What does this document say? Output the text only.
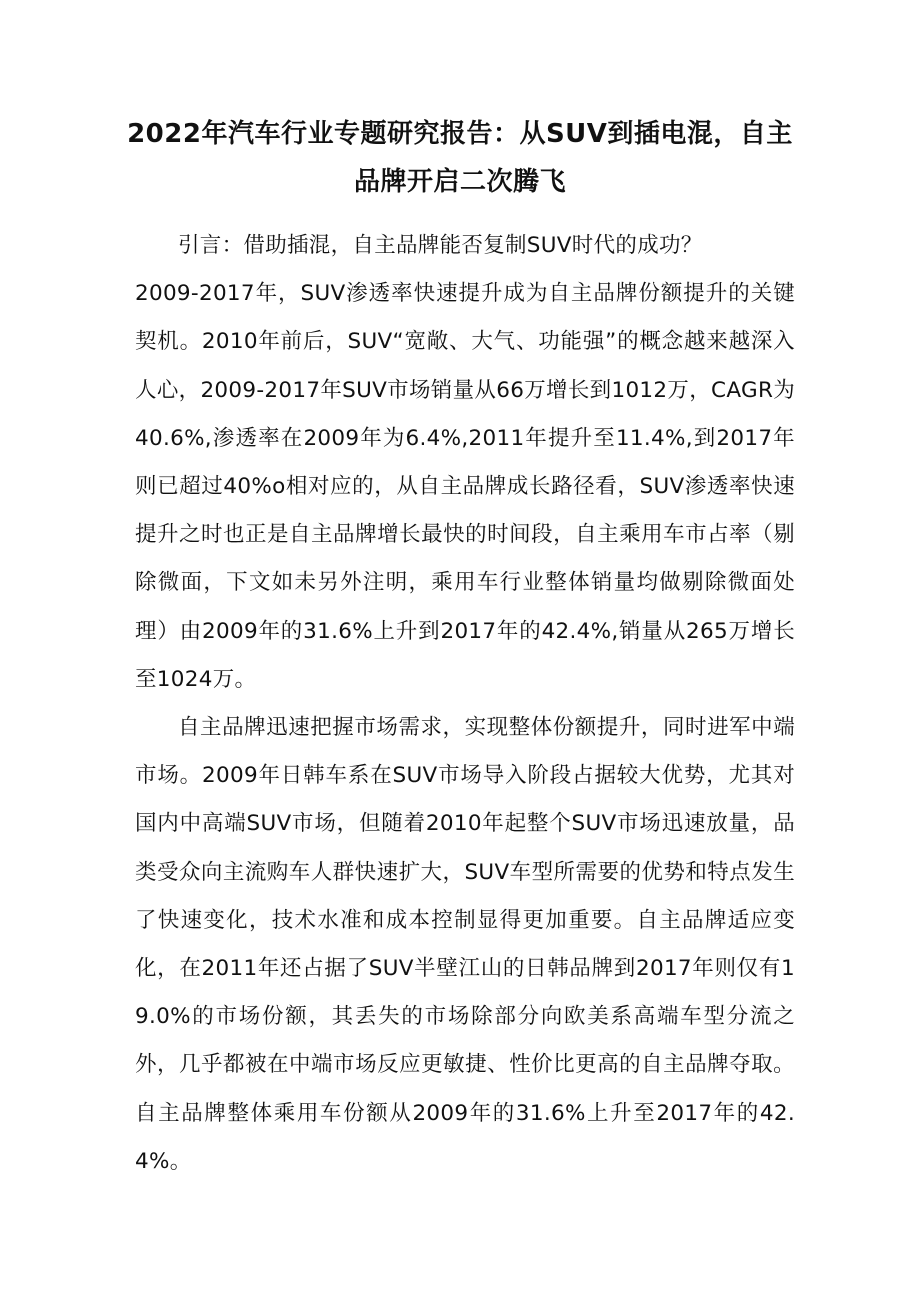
2022年汽车行业专题研究报告：从SUV到插电混，自主品牌开启二次腾飞

引言：借助插混，自主品牌能否复制SUV时代的成功？

2009-2017年，SUV渗透率快速提升成为自主品牌份额提升的关键契机。2010年前后，SUV“宽敞、大气、功能强”的概念越来越深入人心，2009-2017年SUV市场销量从66万增长到1012万，CAGR为40.6%,渗透率在2009年为6.4%,2011年提升至11.4%,到2017年则已超过40%o相对应的，从自主品牌成长路径看，SUV渗透率快速提升之时也正是自主品牌增长最快的时间段，自主乘用车市占率（剔除微面，下文如未另外注明，乘用车行业整体销量均做剔除微面处理）由2009年的31.6%上升到2017年的42.4%,销量从265万增长至1024万。

自主品牌迅速把握市场需求，实现整体份额提升，同时进军中端市场。2009年日韩车系在SUV市场导入阶段占据较大优势，尤其对国内中高端SUV市场，但随着2010年起整个SUV市场迅速放量，品类受众向主流购车人群快速扩大，SUV车型所需要的优势和特点发生了快速变化，技术水准和成本控制显得更加重要。自主品牌适应变化，在2011年还占据了SUV半壁江山的日韩品牌到2017年则仅有19.0%的市场份额，其丢失的市场除部分向欧美系高端车型分流之外，几乎都被在中端市场反应更敏捷、性价比更高的自主品牌夺取。自主品牌整体乘用车份额从2009年的31.6%上升至2017年的42.4%。
